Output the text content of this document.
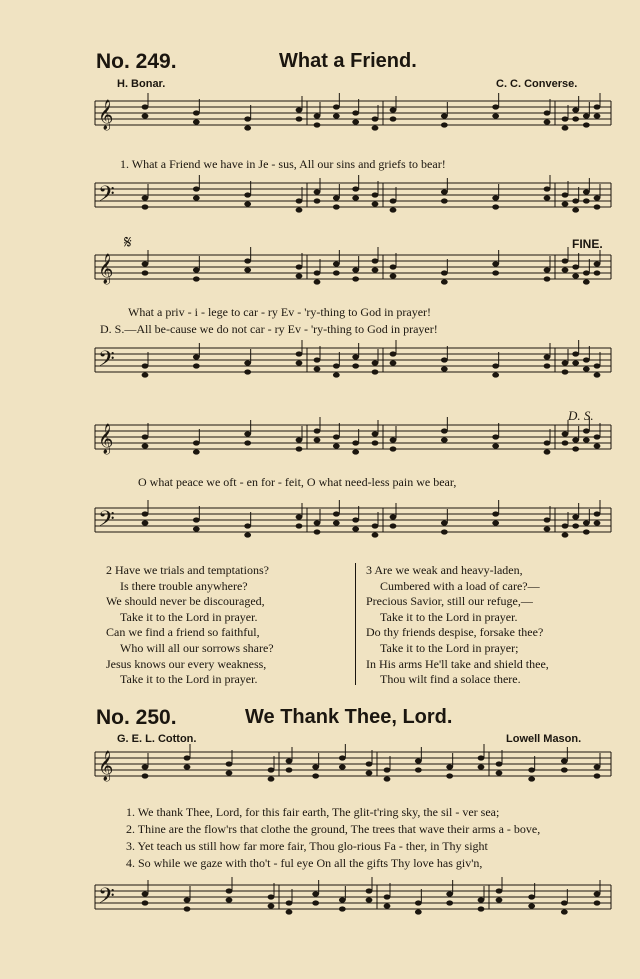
No. 249.	What a Friend.
H. Bonar.	C. C. Converse.
𝄞
𝄢
𝄞
𝄢
𝄞
𝄢
𝄞
𝄢
1. What a Friend we have in Je - sus, All our sins and griefs to bear!
FINE.
𝄋
What a priv - i - lege to car - ry Ev - 'ry-thing to God in prayer!
D. S.—All be-cause we do not car - ry Ev - 'ry-thing to God in prayer!
D. S.
O what peace we oft - en for - feit, O what need-less pain we bear,
2 Have we trials and temptations?
Is there trouble anywhere?
We should never be discouraged,
Take it to the Lord in prayer.
Can we find a friend so faithful,
Who will all our sorrows share?
Jesus knows our every weakness,
Take it to the Lord in prayer.
3 Are we weak and heavy-laden,
Cumbered with a load of care?—
Precious Savior, still our refuge,—
Take it to the Lord in prayer.
Do thy friends despise, forsake thee?
Take it to the Lord in prayer;
In His arms He'll take and shield thee,
Thou wilt find a solace there.
No. 250.	We Thank Thee, Lord.
G. E. L. Cotton.	Lowell Mason.
1. We thank Thee, Lord, for this fair earth, The glit-t'ring sky, the sil - ver sea;
2. Thine are the flow'rs that clothe the ground, The trees that wave their arms a - bove,
3. Yet teach us still how far more fair, Thou glo-rious Fa - ther, in Thy sight
4. So while we gaze with tho't - ful eye On all the gifts Thy love has giv'n,
